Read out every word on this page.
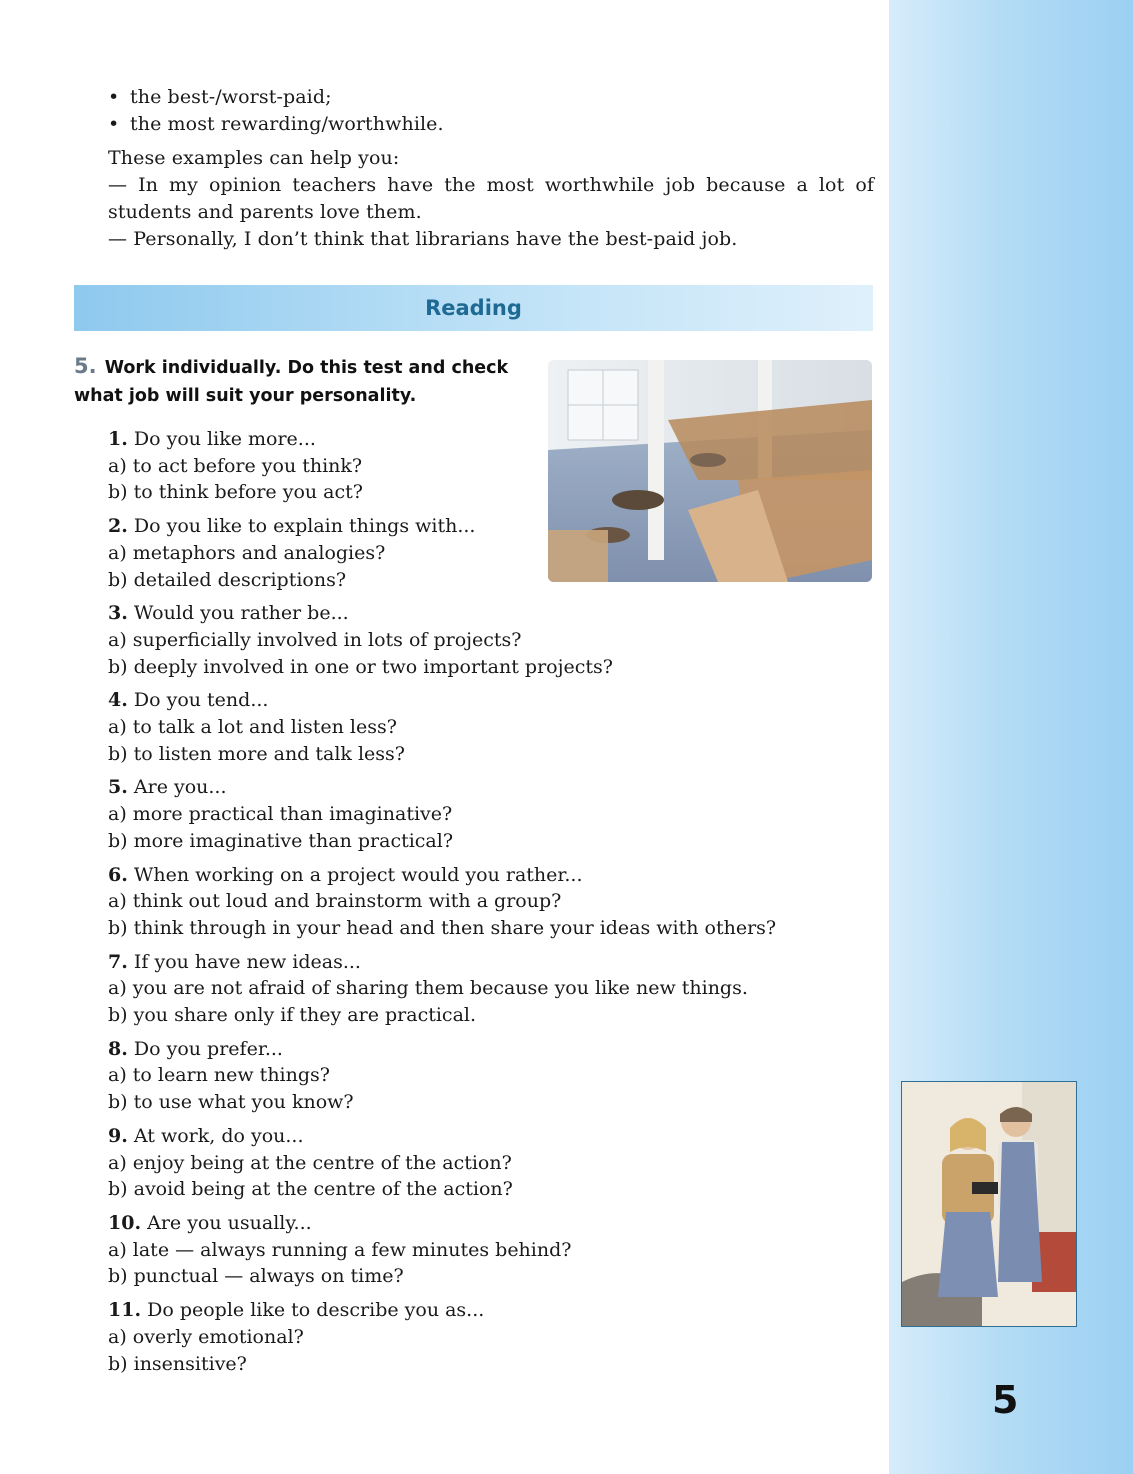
• the best-/worst-paid;
• the most rewarding/worthwhile.

These examples can help you:

— In my opinion teachers have the most worthwhile job because a lot of students and parents love them.

— Personally, I don’t think that librarians have the best-paid job.

Reading
5. Work individually. Do this test and check what job will suit your personality.
1. Do you like more...
a) to act before you think?
b) to think before you act?
2. Do you like to explain things with...
a) metaphors and analogies?
b) detailed descriptions?
3. Would you rather be...
a) superficially involved in lots of projects?
b) deeply involved in one or two important projects?
4. Do you tend...
a) to talk a lot and listen less?
b) to listen more and talk less?
5. Are you...
a) more practical than imaginative?
b) more imaginative than practical?
6. When working on a project would you rather...
a) think out loud and brainstorm with a group?
b) think through in your head and then share your ideas with others?
7. If you have new ideas...
a) you are not afraid of sharing them because you like new things.
b) you share only if they are practical.
8. Do you prefer...
a) to learn new things?
b) to use what you know?
9. At work, do you...
a) enjoy being at the centre of the action?
b) avoid being at the centre of the action?
10. Are you usually...
a) late — always running a few minutes behind?
b) punctual — always on time?
11. Do people like to describe you as...
a) overly emotional?
b) insensitive?
5
